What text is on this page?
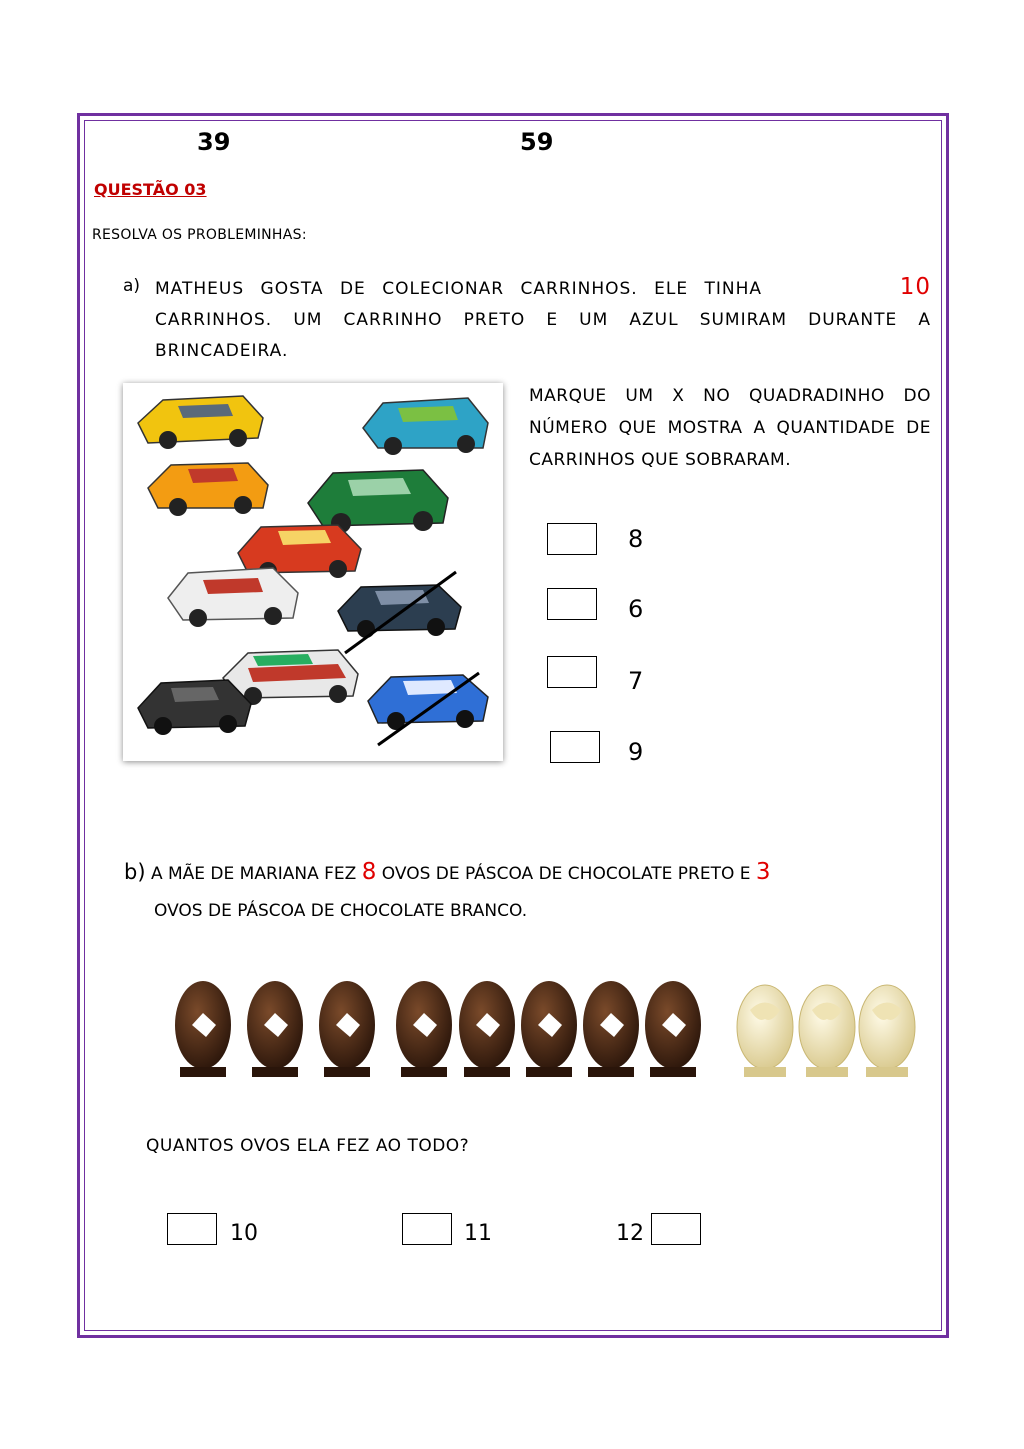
39	59
QUESTÃO 03
RESOLVA OS PROBLEMINHAS:
a) MATHEUS GOSTA DE COLECIONAR CARRINHOS. ELE TINHA	10
CARRINHOS. UM CARRINHO PRETO E UM AZUL SUMIRAM DURANTE A BRINCADEIRA.
MARQUE UM X NO QUADRADINHO DO NÚMERO QUE MOSTRA A QUANTIDADE DE CARRINHOS QUE SOBRARAM.
8
6
7
9
b) A MÃE DE MARIANA FEZ 8 OVOS DE PÁSCOA DE CHOCOLATE PRETO E 3
OVOS DE PÁSCOA DE CHOCOLATE BRANCO.
QUANTOS OVOS ELA FEZ AO TODO?
10	11	12
